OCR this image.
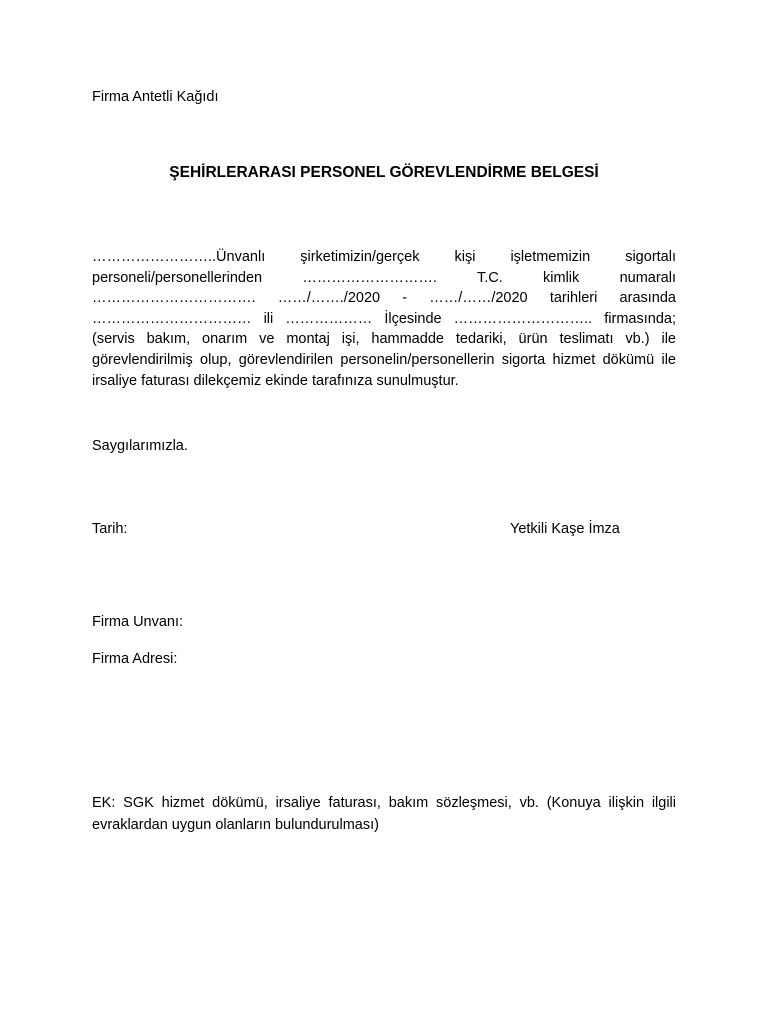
Firma Antetli Kağıdı
ŞEHİRLERARASI PERSONEL GÖREVLENDİRME BELGESİ

……………………..Ünvanlı şirketimizin/gerçek kişi işletmemizin sigortalı personeli/personellerinden ………………………. T.C. kimlik numaralı ……………………………. ……/……./2020 - ……/……/2020 tarihleri arasında …………………………… ili ……………… İlçesinde ……………………….. firmasında; (servis bakım, onarım ve montaj işi, hammadde tedariki, ürün teslimatı vb.) ile görevlendirilmiş olup, görevlendirilen personelin/personellerin sigorta hizmet dökümü ile irsaliye faturası dilekçemiz ekinde tarafınıza sunulmuştur.

Saygılarımızla.
Tarih:	Yetkili Kaşe İmza
Firma Unvanı:
Firma Adresi:

EK: SGK hizmet dökümü, irsaliye faturası, bakım sözleşmesi, vb. (Konuya ilişkin ilgili evraklardan uygun olanların bulundurulması)
